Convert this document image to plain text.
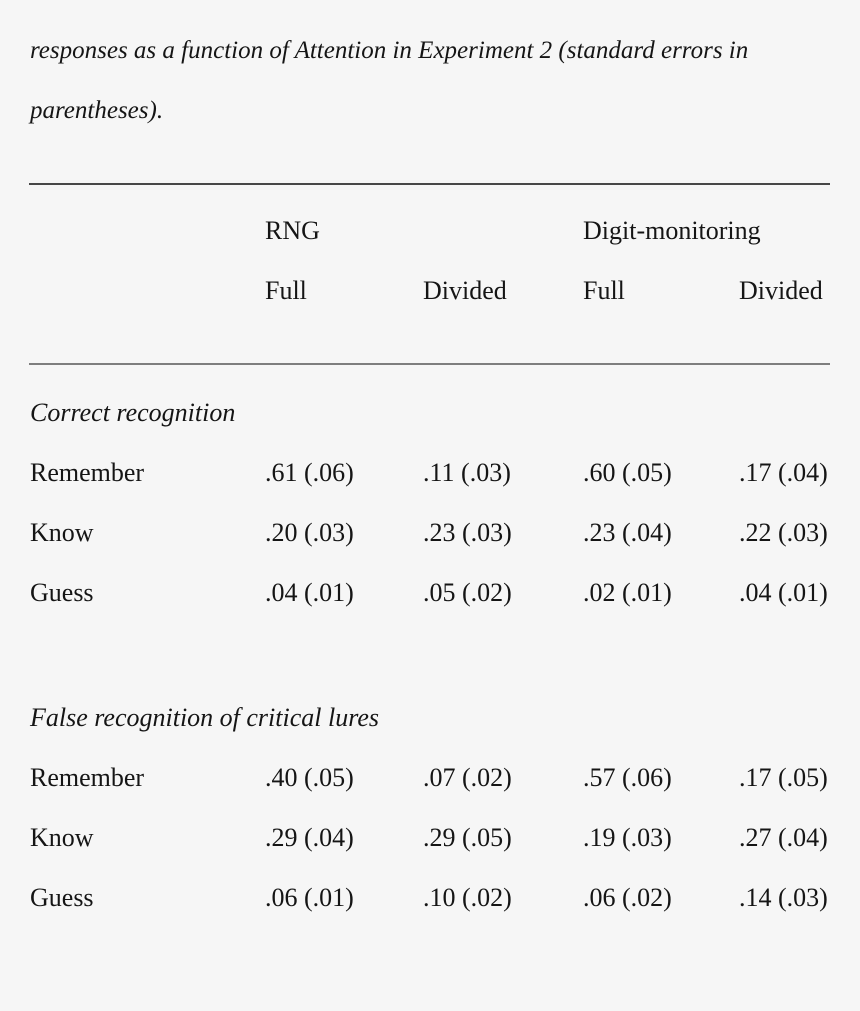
responses as a function of Attention in Experiment 2 (standard errors in
parentheses).
RNG	Digit-monitoring
Full	Divided	Full	Divided
Correct recognition
Remember	.61 (.06)	.11 (.03)	.60 (.05)	.17 (.04)
Know	.20 (.03)	.23 (.03)	.23 (.04)	.22 (.03)
Guess	.04 (.01)	.05 (.02)	.02 (.01)	.04 (.01)
False recognition of critical lures
Remember	.40 (.05)	.07 (.02)	.57 (.06)	.17 (.05)
Know	.29 (.04)	.29 (.05)	.19 (.03)	.27 (.04)
Guess	.06 (.01)	.10 (.02)	.06 (.02)	.14 (.03)
